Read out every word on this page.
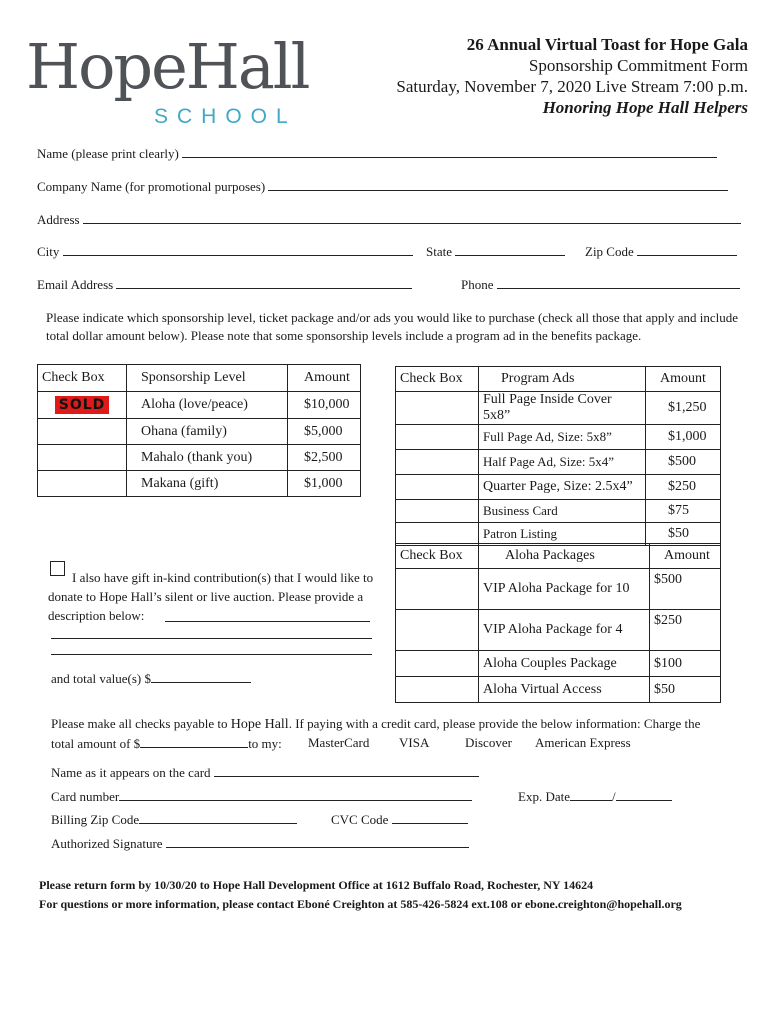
HopeHall
SCHOOL
26 Annual Virtual Toast for Hope Gala
Sponsorship Commitment Form
Saturday, November 7, 2020 Live Stream 7:00 p.m.
Honoring Hope Hall Helpers
Name (please print clearly)
Company Name (for promotional purposes)
Address
City	State	Zip Code
Email Address	Phone
Please indicate which sponsorship level, ticket package and/or ads you would like to purchase (check all those that apply and include total dollar amount below). Please note that some sponsorship levels include a program ad in the benefits package.
Check Box	Sponsorship Level	Amount
SOLD	Aloha (love/peace)	$10,000
	Ohana (family)	$5,000
	Mahalo (thank you)	$2,500
	Makana (gift)	$1,000
Check Box	Program Ads	Amount
	Full Page Inside Cover 5x8”	$1,250
	Full Page Ad, Size: 5x8”	$1,000
	Half Page Ad, Size: 5x4”	$500
	Quarter Page, Size: 2.5x4”	$250
	Business Card	$75
	Patron Listing	$50
Check Box	Aloha Packages	Amount
	VIP Aloha Package for 10	$500
	VIP Aloha Package for 4	$250
	Aloha Couples Package	$100
	Aloha Virtual Access	$50
I also have gift in-kind contribution(s) that I would like to donate to Hope Hall’s silent or live auction. Please provide a description below:
and total value(s) $
Please make all checks payable to Hope Hall. If paying with a credit card, please provide the below information: Charge the
total amount of $	to my: MasterCard VISA	Discover American Express
Name as it appears on the card
Card number	Exp. Date	/
Billing Zip Code	CVC Code
Authorized Signature
Please return form by 10/30/20 to Hope Hall Development Office at 1612 Buffalo Road, Rochester, NY 14624
For questions or more information, please contact Eboné Creighton at 585-426-5824 ext.108 or ebone.creighton@hopehall.org
